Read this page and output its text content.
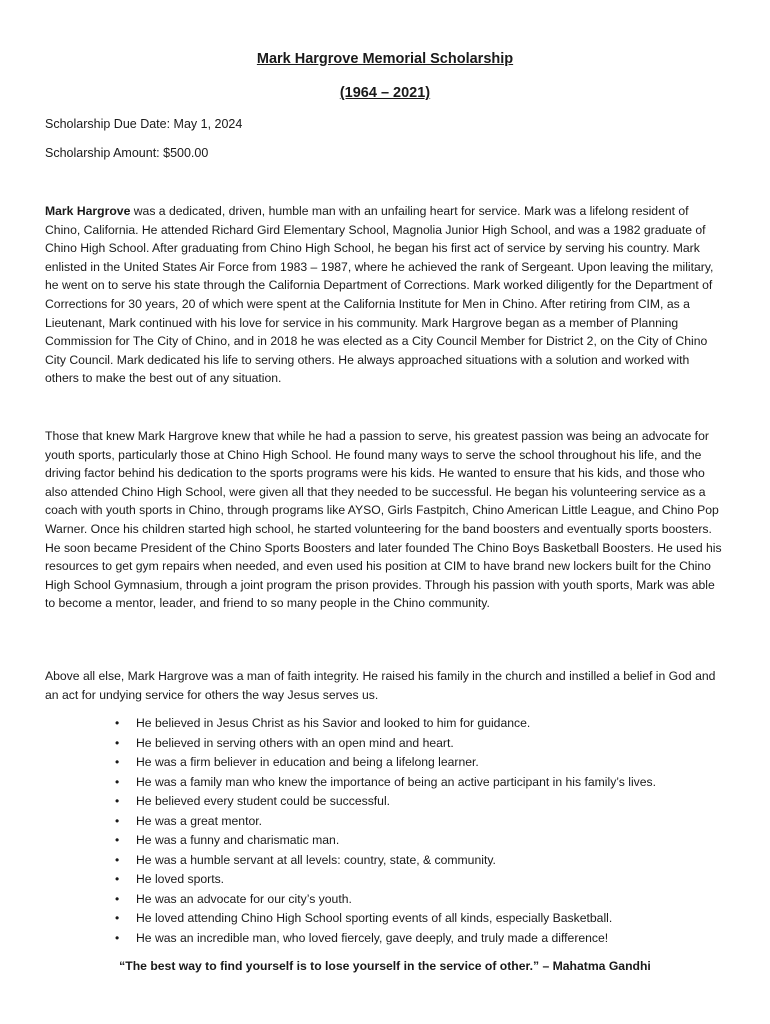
Mark Hargrove Memorial Scholarship
(1964 – 2021)
Scholarship Due Date: May 1, 2024
Scholarship Amount: $500.00

Mark Hargrove was a dedicated, driven, humble man with an unfailing heart for service. Mark was a lifelong resident of Chino, California. He attended Richard Gird Elementary School, Magnolia Junior High School, and was a 1982 graduate of Chino High School. After graduating from Chino High School, he began his first act of service by serving his country. Mark enlisted in the United States Air Force from 1983 – 1987, where he achieved the rank of Sergeant. Upon leaving the military, he went on to serve his state through the California Department of Corrections. Mark worked diligently for the Department of Corrections for 30 years, 20 of which were spent at the California Institute for Men in Chino. After retiring from CIM, as a Lieutenant, Mark continued with his love for service in his community. Mark Hargrove began as a member of Planning Commission for The City of Chino, and in 2018 he was elected as a City Council Member for District 2, on the City of Chino City Council. Mark dedicated his life to serving others. He always approached situations with a solution and worked with others to make the best out of any situation.

Those that knew Mark Hargrove knew that while he had a passion to serve, his greatest passion was being an advocate for youth sports, particularly those at Chino High School. He found many ways to serve the school throughout his life, and the driving factor behind his dedication to the sports programs were his kids. He wanted to ensure that his kids, and those who also attended Chino High School, were given all that they needed to be successful. He began his volunteering service as a coach with youth sports in Chino, through programs like AYSO, Girls Fastpitch, Chino American Little League, and Chino Pop Warner. Once his children started high school, he started volunteering for the band boosters and eventually sports boosters. He soon became President of the Chino Sports Boosters and later founded The Chino Boys Basketball Boosters. He used his resources to get gym repairs when needed, and even used his position at CIM to have brand new lockers built for the Chino High School Gymnasium, through a joint program the prison provides. Through his passion with youth sports, Mark was able to become a mentor, leader, and friend to so many people in the Chino community.

Above all else, Mark Hargrove was a man of faith integrity. He raised his family in the church and instilled a belief in God and an act for undying service for others the way Jesus serves us.

• He believed in Jesus Christ as his Savior and looked to him for guidance.
• He believed in serving others with an open mind and heart.
• He was a firm believer in education and being a lifelong learner.
• He was a family man who knew the importance of being an active participant in his family’s lives.
• He believed every student could be successful.
• He was a great mentor.
• He was a funny and charismatic man.
• He was a humble servant at all levels: country, state, & community.
• He loved sports.
• He was an advocate for our city’s youth.
• He loved attending Chino High School sporting events of all kinds, especially Basketball.
• He was an incredible man, who loved fiercely, gave deeply, and truly made a difference!
“The best way to find yourself is to lose yourself in the service of other.” – Mahatma Gandhi
